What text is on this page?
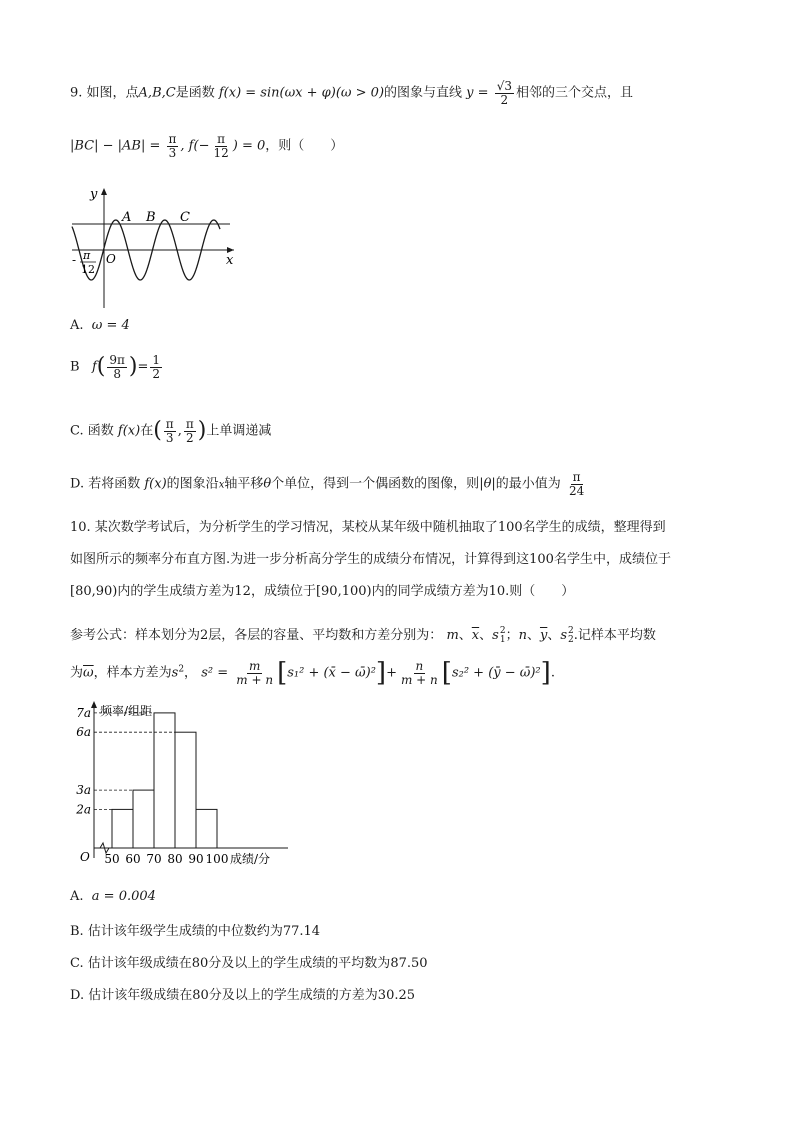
9. 如图，点A,B,C是函数 f(x) = sin(ωx + φ)(ω > 0)的图象与直线 $y = \frac{√3}{2}$ 相邻的三个交点，且
$|BC| - |AB| = \frac{\pi}{3}$ , $f(- \frac{\pi}{12}$ ) = 0，则（　　）
y
x
O
A B C
- π
12
A. ω = 4
B $f( \frac{9\pi}{8}$ )= $\frac{1}{2}$
C. 函数 f(x)在( $\frac{\pi}{3}$ , $\frac{\pi}{2}$ )上单调递减
D. 若将函数 f(x)的图象沿x轴平移θ个单位，得到一个偶函数的图像，则|θ|的最小值为 $\frac{\pi}{24}$
10. 某次数学考试后，为分析学生的学习情况，某校从某年级中随机抽取了100名学生的成绩，整理得到
如图所示的频率分布直方图.为进一步分析高分学生的成绩分布情况，计算得到这100名学生中，成绩位于
[80,90)内的学生成绩方差为12，成绩位于[90,100)内的同学成绩方差为10.则（　　）
参考公式：样本划分为2层，各层的容量、平均数和方差分别为： m、$\overline{x}$、s 2
1 ；n、$\overline{y}$、s 2
2 .记样本平均数
为$\overline{\omega}$，样本方差为$s^2$， $s^2 = \frac{m}{m + n} [s_1^2$ + (x̄ − ω̄)²]+ $\frac{n}{m + n} [s_2^2$ + (ȳ − ω̄)²].
频率/组距
O
7a
6a
3a
2a
50 60 70 80 90 100 成绩/分
A. a = 0.004
B. 估计该年级学生成绩的中位数约为77.14
C. 估计该年级成绩在80分及以上的学生成绩的平均数为87.50
D. 估计该年级成绩在80分及以上的学生成绩的方差为30.25
